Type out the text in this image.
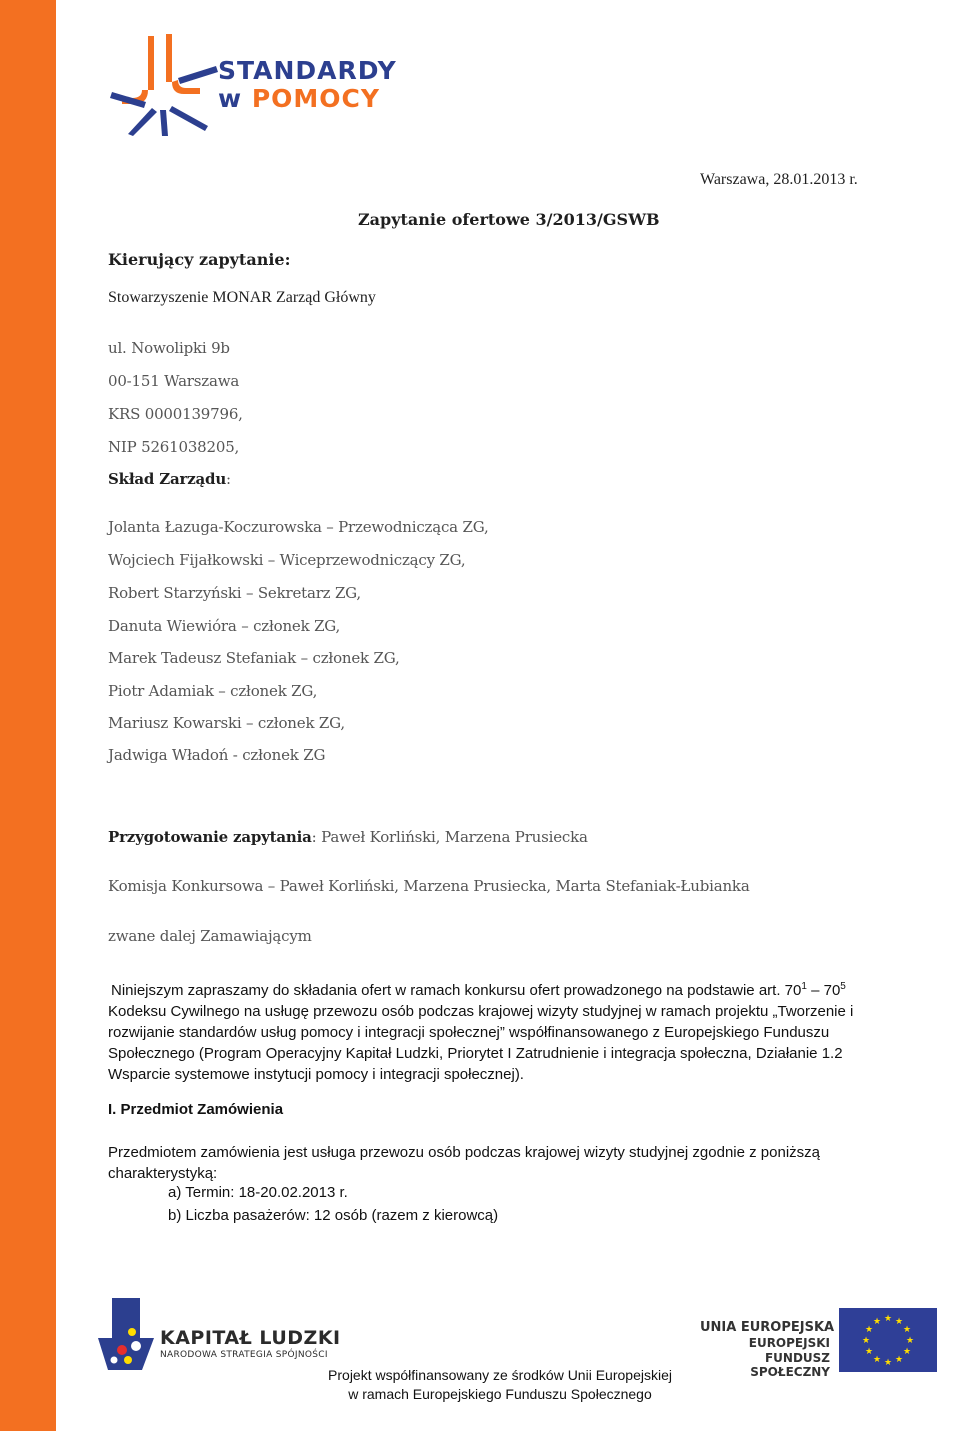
STANDARDY
w POMOCY
Warszawa, 28.01.2013 r.
Zapytanie ofertowe 3/2013/GSWB
Kierujący zapytanie:
Stowarzyszenie MONAR Zarząd Główny
ul. Nowolipki 9b
00-151 Warszawa
KRS 0000139796,
NIP 5261038205,
Skład Zarządu:
Jolanta Łazuga-Koczurowska – Przewodnicząca ZG,
Wojciech Fijałkowski – Wiceprzewodniczący ZG,
Robert Starzyński – Sekretarz ZG,
Danuta Wiewióra – członek ZG,
Marek Tadeusz Stefaniak – członek ZG,
Piotr Adamiak – członek ZG,
Mariusz Kowarski – członek ZG,
Jadwiga Władoń - członek ZG
Przygotowanie zapytania: Paweł Korliński, Marzena Prusiecka
Komisja Konkursowa – Paweł Korliński, Marzena Prusiecka, Marta Stefaniak-Łubianka
zwane dalej Zamawiającym
Niniejszym zapraszamy do składania ofert w ramach konkursu ofert prowadzonego na podstawie art. $70^1 - 70^5$ Kodeksu Cywilnego na usługę przewozu osób podczas krajowej wizyty studyjnej w ramach projektu „Tworzenie i rozwijanie standardów usług pomocy i integracji społecznej” współfinansowanego z Europejskiego Funduszu Społecznego (Program Operacyjny Kapitał Ludzki, Priorytet I Zatrudnienie i integracja społeczna, Działanie 1.2 Wsparcie systemowe instytucji pomocy i integracji społecznej).
I. Przedmiot Zamówienia
Przedmiotem zamówienia jest usługa przewozu osób podczas krajowej wizyty studyjnej zgodnie z poniższą charakterystyką:
a) Termin: 18-20.02.2013 r.
b) Liczba pasażerów: 12 osób (razem z kierowcą)
KAPITAŁ LUDZKI
NARODOWA STRATEGIA SPÓJNOŚCI
UNIA EUROPEJSKA
EUROPEJSKI
FUNDUSZ SPOŁECZNY
★ ★
★
★
★
★
★
★
★
★
★
★
Projekt współfinansowany ze środków Unii Europejskiej
w ramach Europejskiego Funduszu Społecznego
